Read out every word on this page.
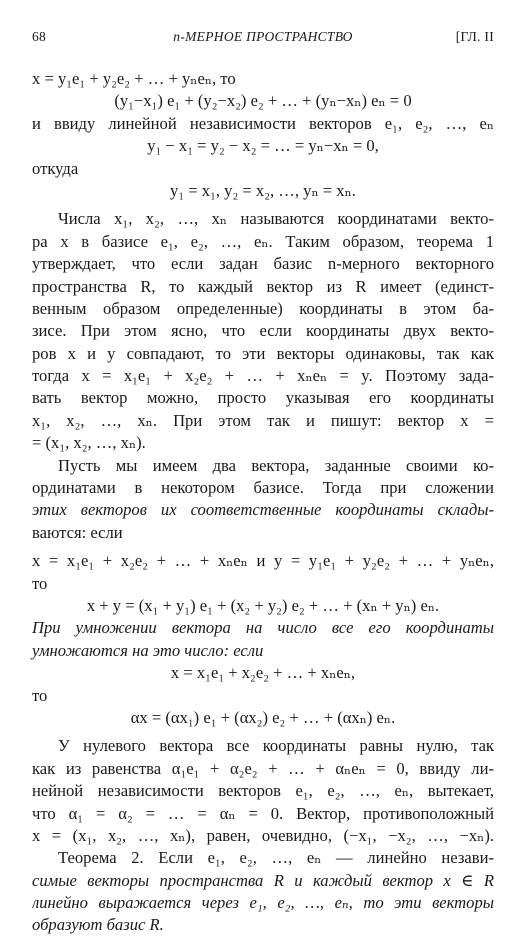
68	n-МЕРНОЕ ПРОСТРАНСТВО	[ГЛ. II
x = y₁e₁ + y₂e₂ + … + yₙeₙ, то
(y₁−x₁) e₁ + (y₂−x₂) e₂ + … + (yₙ−xₙ) eₙ = 0
и ввиду линейной независимости векторов e₁, e₂, …, eₙ
y₁ − x₁ = y₂ − x₂ = … = yₙ−xₙ = 0,
откуда
y₁ = x₁, y₂ = x₂, …, yₙ = xₙ.
Числа x₁, x₂, …, xₙ называются координатами векто-
ра x в базисе e₁, e₂, …, eₙ. Таким образом, теорема 1
утверждает, что если задан базис n-мерного векторного
пространства R, то каждый вектор из R имеет (единст-
венным образом определенные) координаты в этом ба-
зисе. При этом ясно, что если координаты двух векто-
ров x и y совпадают, то эти векторы одинаковы, так как
тогда x = x₁e₁ + x₂e₂ + … + xₙeₙ = y. Поэтому зада-
вать вектор можно, просто указывая его координаты
x₁, x₂, …, xₙ. При этом так и пишут: вектор x =
= (x₁, x₂, …, xₙ).
Пусть мы имеем два вектора, заданные своими ко-
ординатами в некотором базисе. Тогда при сложении
этих векторов их соответственные координаты склады-
ваются: если
x = x₁e₁ + x₂e₂ + … + xₙeₙ и y = y₁e₁ + y₂e₂ + … + yₙeₙ,
то
x + y = (x₁ + y₁) e₁ + (x₂ + y₂) e₂ + … + (xₙ + yₙ) eₙ.
При умножении вектора на число все его координаты
умножаются на это число: если
x = x₁e₁ + x₂e₂ + … + xₙeₙ,
то
αx = (αx₁) e₁ + (αx₂) e₂ + … + (αxₙ) eₙ.
У нулевого вектора все координаты равны нулю, так
как из равенства α₁e₁ + α₂e₂ + … + αₙeₙ = 0, ввиду ли-
нейной независимости векторов e₁, e₂, …, eₙ, вытекает,
что α₁ = α₂ = … = αₙ = 0. Вектор, противоположный
x = (x₁, x₂, …, xₙ), равен, очевидно, (−x₁, −x₂, …, −xₙ).
Теорема 2. Если e₁, e₂, …, eₙ — линейно незави-
симые векторы пространства R и каждый вектор x ∈ R
линейно выражается через e₁, e₂, …, eₙ, то эти векторы
образуют базис R.
